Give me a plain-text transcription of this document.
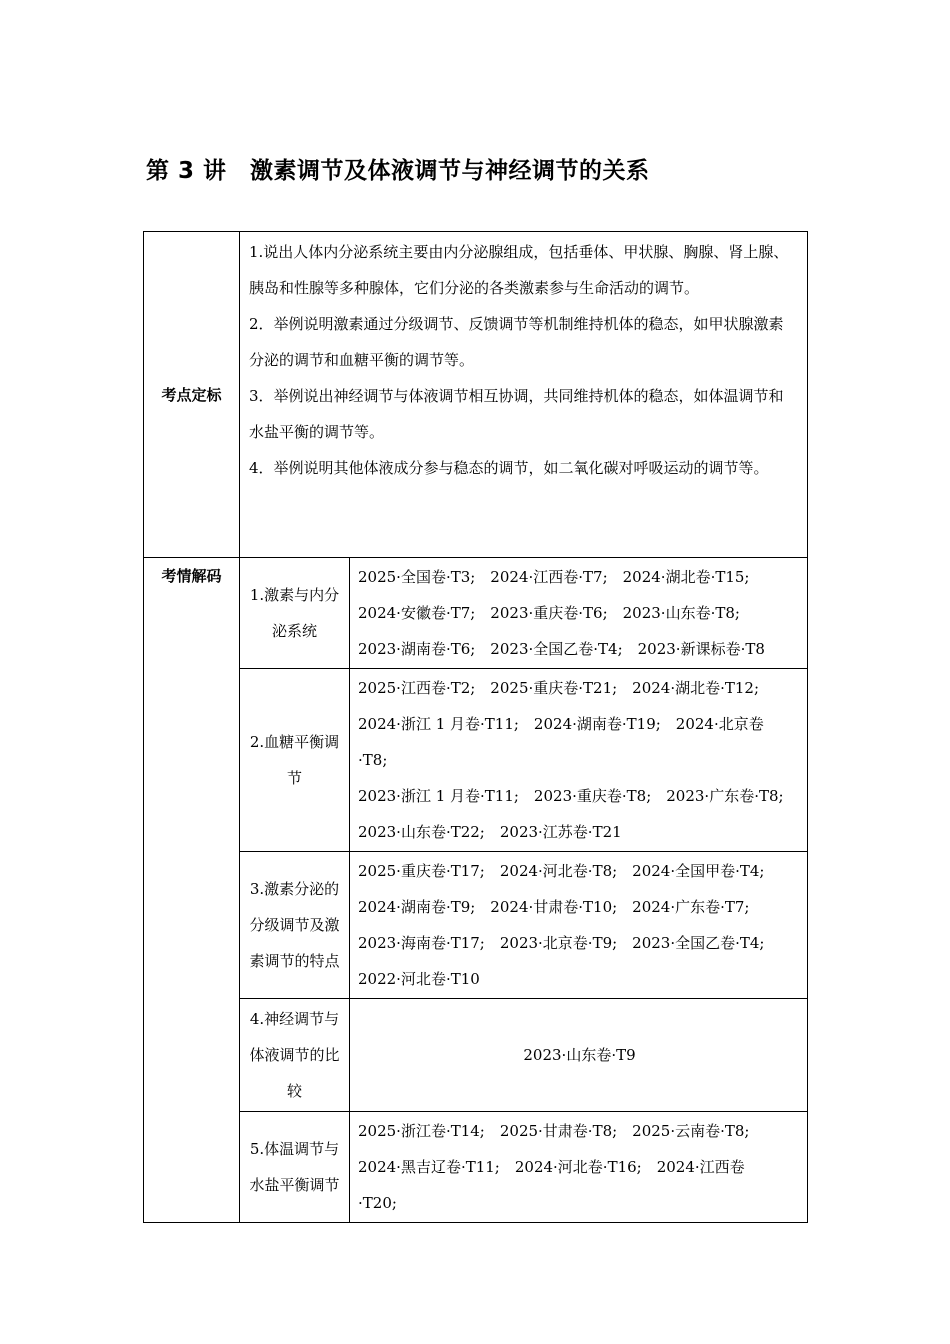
第 3 讲　激素调节及体液调节与神经调节的关系
考点定标	1.说出人体内分泌系统主要由内分泌腺组成，包括垂体、甲状腺、胸腺、肾上腺、胰岛和性腺等多种腺体，它们分泌的各类激素参与生命活动的调节。

2．举例说明激素通过分级调节、反馈调节等机制维持机体的稳态，如甲状腺激素分泌的调节和血糖平衡的调节等。

3．举例说出神经调节与体液调节相互协调，共同维持机体的稳态，如体温调节和水盐平衡的调节等。

4．举例说明其他体液成分参与稳态的调节，如二氧化碳对呼吸运动的调节等。	

考情解码	1.激素与内分泌系统	2025·全国卷·T3;　2024·江西卷·T7;　2024·湖北卷·T15;

2024·安徽卷·T7;　2023·重庆卷·T6;　2023·山东卷·T8;

2023·湖南卷·T6;　2023·全国乙卷·T4;　2023·新课标卷·T8

	2.血糖平衡调节	2025·江西卷·T2;　2025·重庆卷·T21;　2024·湖北卷·T12;

2024·浙江 1 月卷·T11;　2024·湖南卷·T19;　2024·北京卷

·T8;

2023·浙江 1 月卷·T11;　2023·重庆卷·T8;　2023·广东卷·T8;

2023·山东卷·T22;　2023·江苏卷·T21

	3.激素分泌的分级调节及激素调节的特点	2025·重庆卷·T17;　2024·河北卷·T8;　2024·全国甲卷·T4;

2024·湖南卷·T9;　2024·甘肃卷·T10;　2024·广东卷·T7;

2023·海南卷·T17;　2023·北京卷·T9;　2023·全国乙卷·T4;

2022·河北卷·T10

	4.神经调节与体液调节的比较	2023·山东卷·T9

	5.体温调节与水盐平衡调节	2025·浙江卷·T14;　2025·甘肃卷·T8;　2025·云南卷·T8;

2024·黑吉辽卷·T11;　2024·河北卷·T16;　2024·江西卷

·T20;
